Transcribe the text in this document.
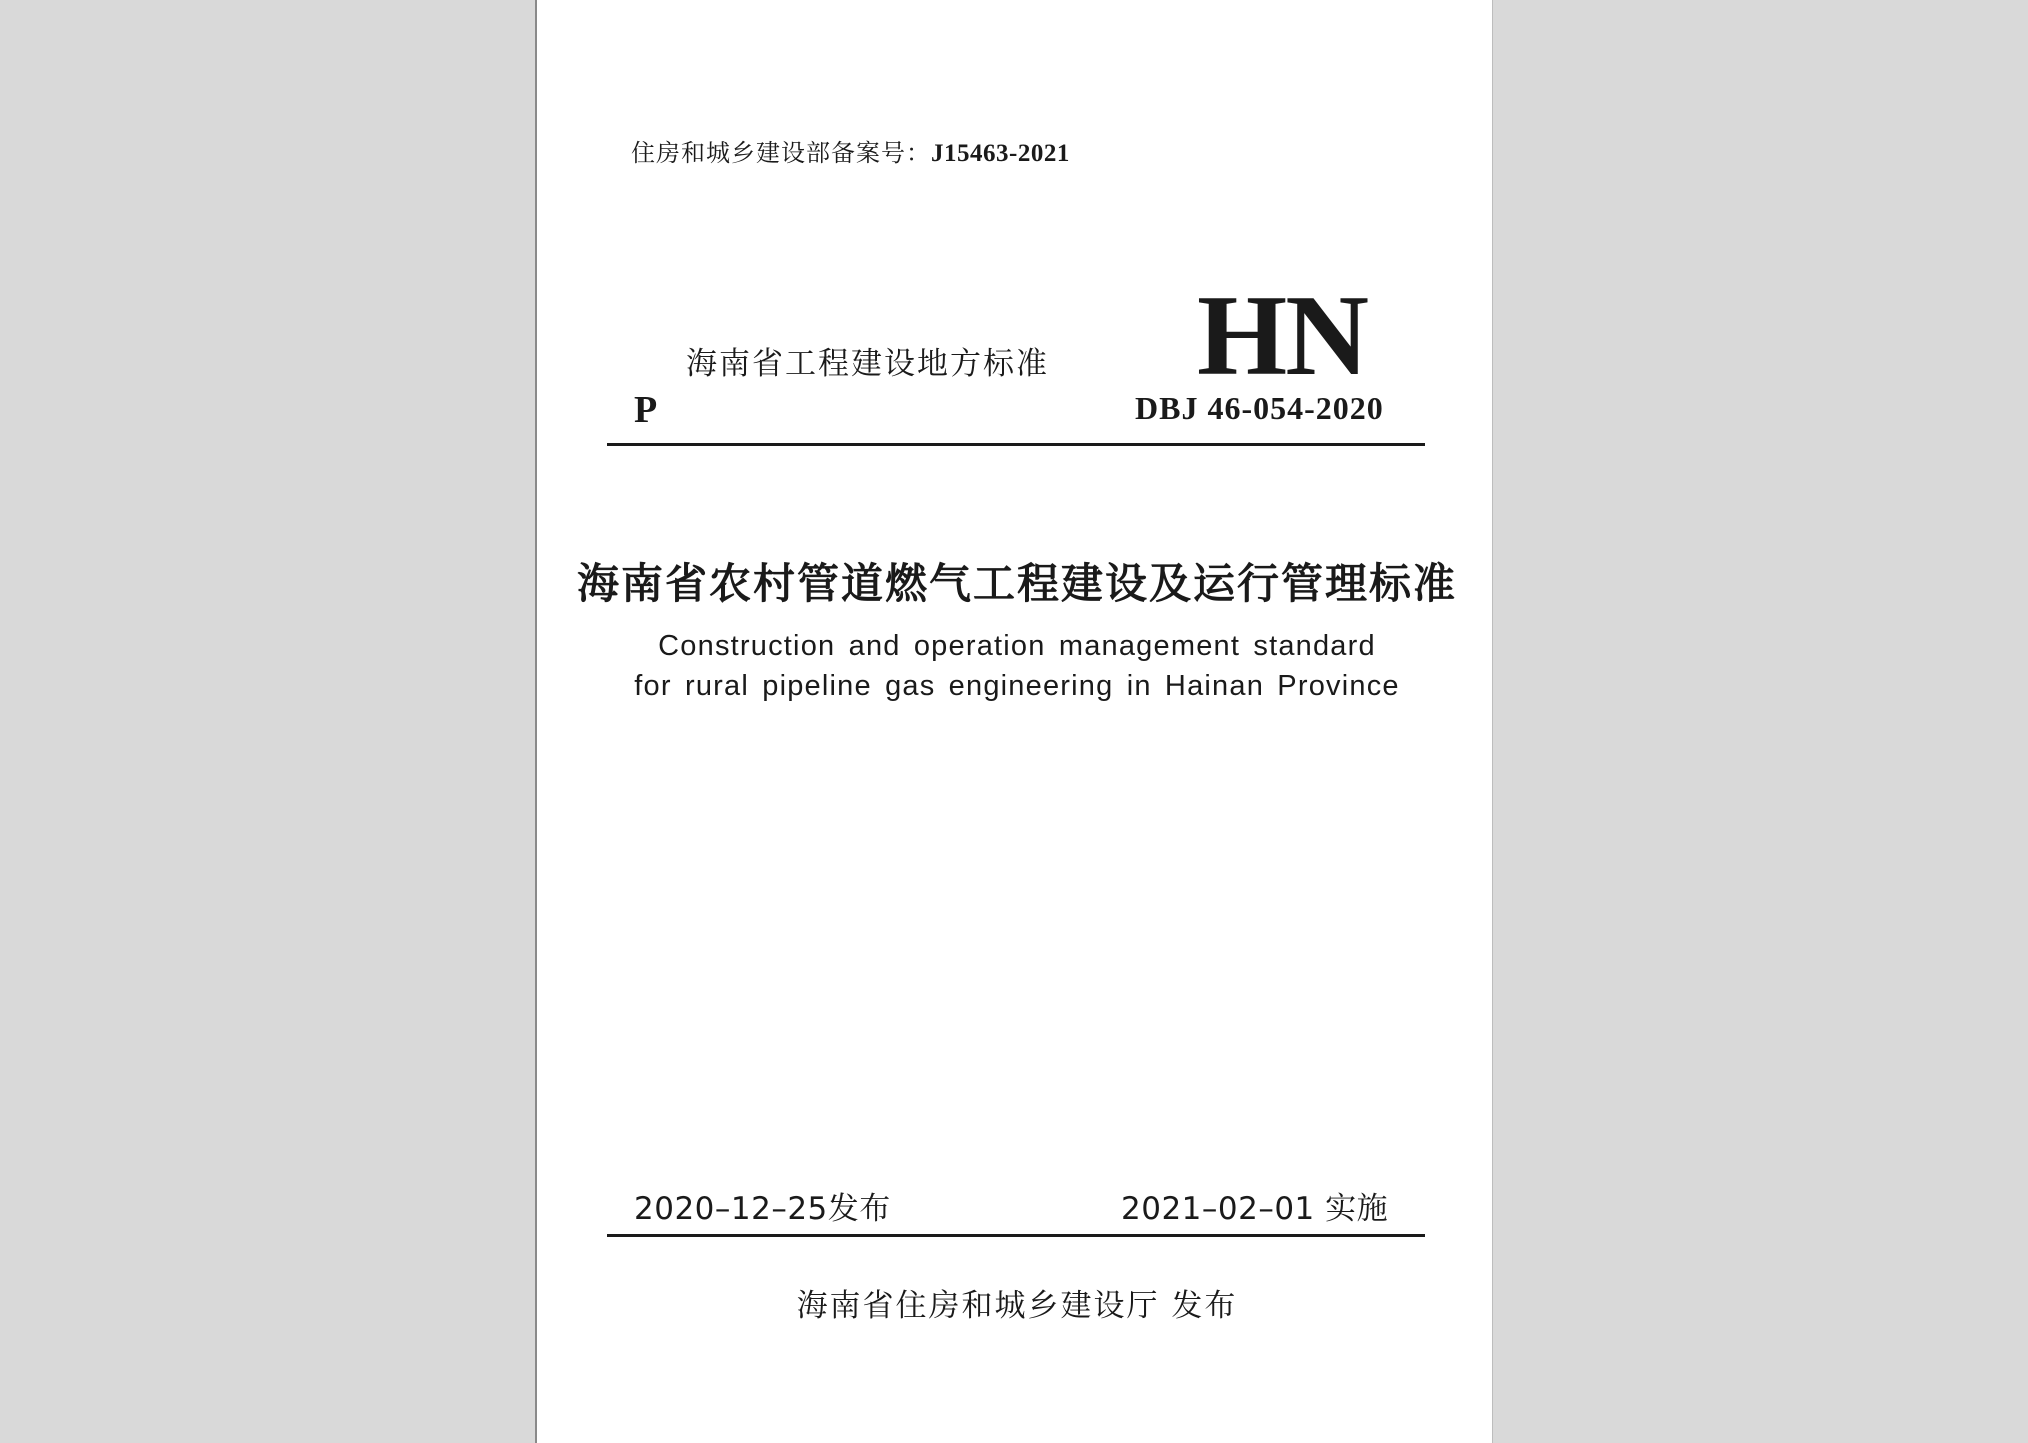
住房和城乡建设部备案号：J15463-2021
海南省工程建设地方标准
P
HN
DBJ 46-054-2020
海南省农村管道燃气工程建设及运行管理标准
Construction and operation management standard
for rural pipeline gas engineering in Hainan Province
2020–12–25发布	2021–02–01 实施
海南省住房和城乡建设厅 发布
